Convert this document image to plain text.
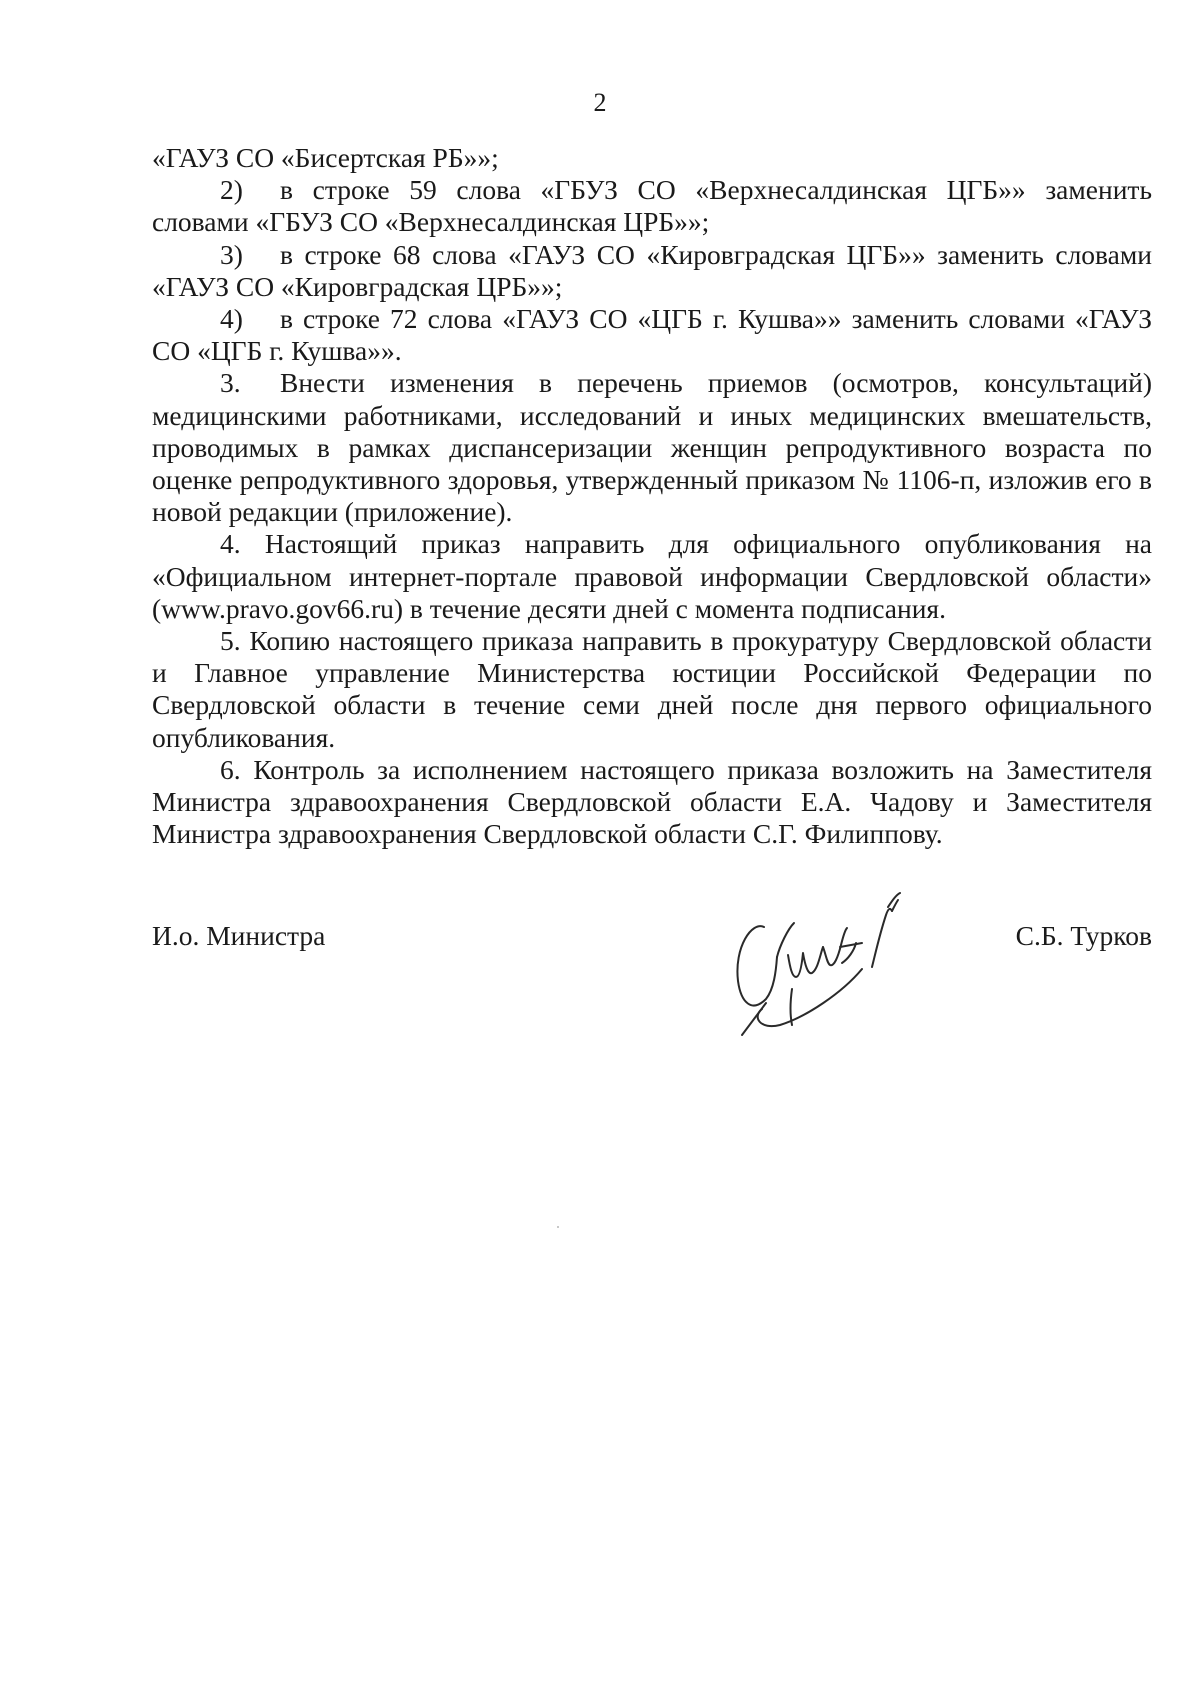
2

«ГАУЗ СО «Бисертская РБ»»;

2) в строке 59 слова «ГБУЗ СО «Верхнесалдинская ЦГБ»» заменить словами «ГБУЗ СО «Верхнесалдинская ЦРБ»»;

3) в строке 68 слова «ГАУЗ СО «Кировградская ЦГБ»» заменить словами «ГАУЗ СО «Кировградская ЦРБ»»;

4) в строке 72 слова «ГАУЗ СО «ЦГБ г. Кушва»» заменить словами «ГАУЗ СО «ЦГБ г. Кушва»».

3. Внести изменения в перечень приемов (осмотров, консультаций) медицинскими работниками, исследований и иных медицинских вмешательств, проводимых в рамках диспансеризации женщин репродуктивного возраста по оценке репродуктивного здоровья, утвержденный приказом № 1106-п, изложив его в новой редакции (приложение).

4. Настоящий приказ направить для официального опубликования на «Официальном интернет-портале правовой информации Свердловской области» (www.pravo.gov66.ru) в течение десяти дней с момента подписания.

5. Копию настоящего приказа направить в прокуратуру Свердловской области и Главное управление Министерства юстиции Российской Федерации по Свердловской области в течение семи дней после дня первого официального опубликования.

6. Контроль за исполнением настоящего приказа возложить на Заместителя Министра здравоохранения Свердловской области Е.А. Чадову и Заместителя Министра здравоохранения Свердловской области С.Г. Филиппову.

И.о. Министра	С.Б. Турков
